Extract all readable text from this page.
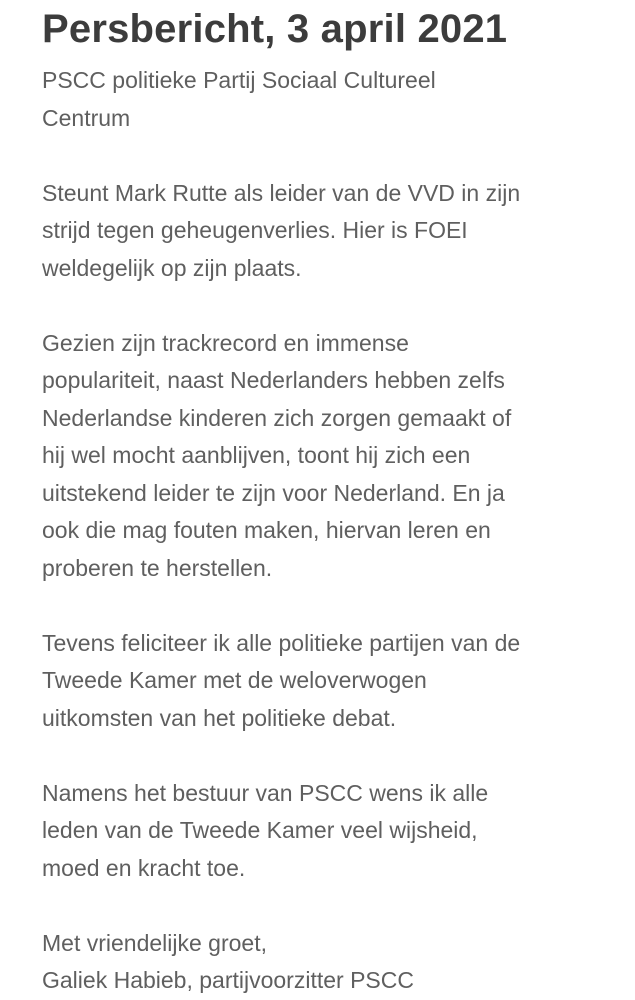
Persbericht, 3 april 2021
PSCC politieke Partij Sociaal Cultureel Centrum
Steunt Mark Rutte als leider van de VVD in zijn
strijd tegen geheugenverlies. Hier is FOEI
weldegelijk op zijn plaats.
Gezien zijn trackrecord en immense
populariteit, naast Nederlanders hebben zelfs
Nederlandse kinderen zich zorgen gemaakt of
hij wel mocht aanblijven, toont hij zich een
uitstekend leider te zijn voor Nederland. En ja
ook die mag fouten maken, hiervan leren en
proberen te herstellen.
Tevens feliciteer ik alle politieke partijen van de
Tweede Kamer met de weloverwogen
uitkomsten van het politieke debat.
Namens het bestuur van PSCC wens ik alle
leden van de Tweede Kamer veel wijsheid,
moed en kracht toe.
Met vriendelijke groet,
Galiek Habieb, partijvoorzitter PSCC
